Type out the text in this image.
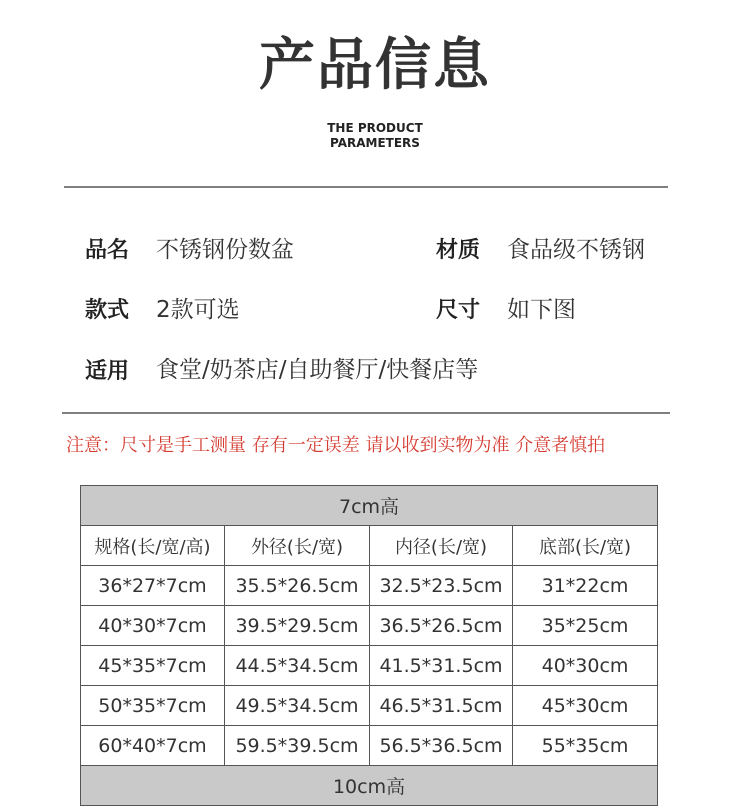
产品信息
THE PRODUCT
PARAMETERS
品名 不锈钢份数盆	材质 食品级不锈钢
款式 2款可选	尺寸 如下图
适用 食堂/奶茶店/自助餐厅/快餐店等
注意：尺寸是手工测量 存有一定误差 请以收到实物为准 介意者慎拍
7cm高			
规格(长/宽/高)	外径(长/宽)	内径(长/宽)	底部(长/宽)
36*27*7cm	35.5*26.5cm	32.5*23.5cm	31*22cm
40*30*7cm	39.5*29.5cm	36.5*26.5cm	35*25cm
45*35*7cm	44.5*34.5cm	41.5*31.5cm	40*30cm
50*35*7cm	49.5*34.5cm	46.5*31.5cm	45*30cm
60*40*7cm	59.5*39.5cm	56.5*36.5cm	55*35cm
10cm高			
